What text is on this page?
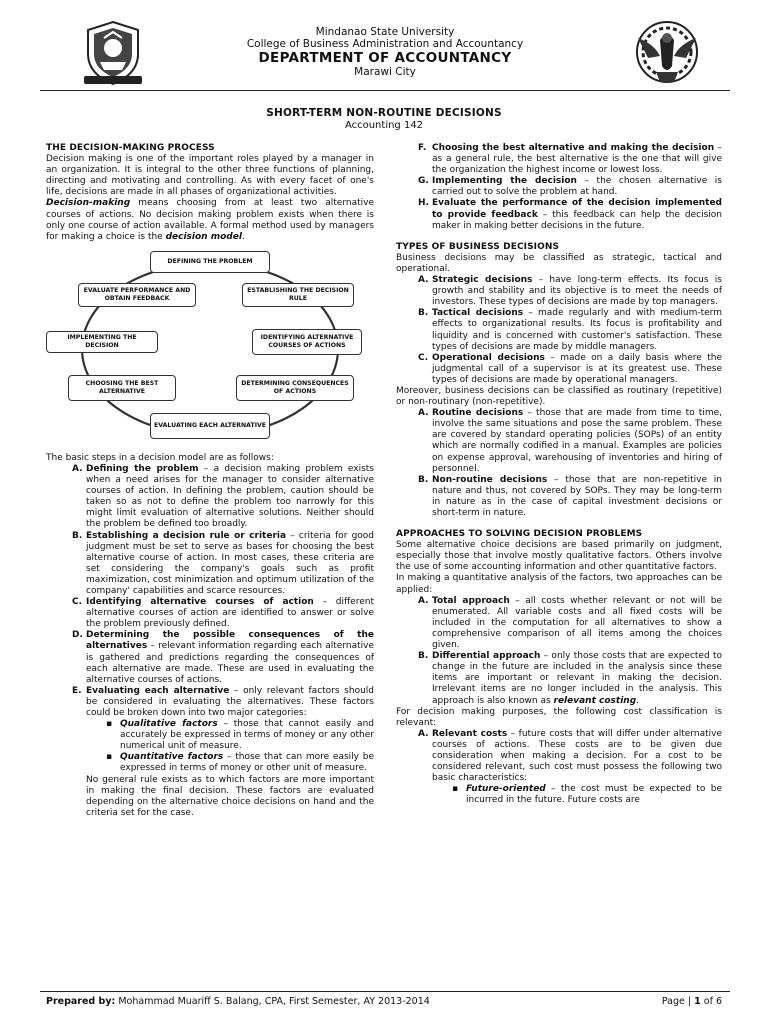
Mindanao State University
College of Business Administration and Accountancy
DEPARTMENT OF ACCOUNTANCY
Marawi City
SHORT-TERM NON-ROUTINE DECISIONS
Accounting 142

THE DECISION-MAKING PROCESS

Decision making is one of the important roles played by a manager in an organization. It is integral to the other three functions of planning, directing and motivating and controlling. As with every facet of one's life, decisions are made in all phases of organizational activities.

Decision-making means choosing from at least two alternative courses of actions. No decision making problem exists when there is only one course of action available. A formal method used by managers for making a choice is the decision model.

DEFINING THE PROBLEM
ESTABLISHING THE DECISION RULE
IDENTIFYING ALTERNATIVE COURSES OF ACTIONS
DETERMINING CONSEQUENCES OF ACTIONS
EVALUATING EACH ALTERNATIVE
CHOOSING THE BEST ALTERNATIVE
IMPLEMENTING THE DECISION
EVALUATE PERFORMANCE AND OBTAIN FEEDBACK

The basic steps in a decision model are as follows:

A. Defining the problem – a decision making problem exists when a need arises for the manager to consider alternative courses of action. In defining the problem, caution should be taken so as not to define the problem too narrowly for this might limit evaluation of alternative solutions. Neither should the problem be defined too broadly.
B. Establishing a decision rule or criteria – criteria for good judgment must be set to serve as bases for choosing the best alternative course of action. In most cases, these criteria are set considering the company's goals such as profit maximization, cost minimization and optimum utilization of the company' capabilities and scarce resources.
C. Identifying alternative courses of action – different alternative courses of action are identified to answer or solve the problem previously defined.
D. Determining the possible consequences of the alternatives – relevant information regarding each alternative is gathered and predictions regarding the consequences of each alternative are made. These are used in evaluating the alternative courses of actions.
E. Evaluating each alternative – only relevant factors should be considered in evaluating the alternatives. These factors could be broken down into two major categories:
▪ Qualitative factors – those that cannot easily and accurately be expressed in terms of money or any other numerical unit of measure.
▪ Quantitative factors – those that can more easily be expressed in terms of money or other unit of measure.

No general rule exists as to which factors are more important in making the final decision. These factors are evaluated depending on the alternative choice decisions on hand and the criteria set for the case.

F. Choosing the best alternative and making the decision – as a general rule, the best alternative is the one that will give the organization the highest income or lowest loss.
G. Implementing the decision – the chosen alternative is carried out to solve the problem at hand.
H. Evaluate the performance of the decision implemented to provide feedback – this feedback can help the decision maker in making better decisions in the future.

TYPES OF BUSINESS DECISIONS

Business decisions may be classified as strategic, tactical and operational.

A. Strategic decisions – have long-term effects. Its focus is growth and stability and its objective is to meet the needs of investors. These types of decisions are made by top managers.
B. Tactical decisions – made regularly and with medium-term effects to organizational results. Its focus is profitability and liquidity and is concerned with customer's satisfaction. These types of decisions are made by middle managers.
C. Operational decisions – made on a daily basis where the judgmental call of a supervisor is at its greatest use. These types of decisions are made by operational managers.

Moreover, business decisions can be classified as routinary (repetitive) or non-routinary (non-repetitive).

A. Routine decisions – those that are made from time to time, involve the same situations and pose the same problem. These are covered by standard operating policies (SOPs) of an entity which are normally codified in a manual. Examples are policies on expense approval, warehousing of inventories and hiring of personnel.
B. Non-routine decisions – those that are non-repetitive in nature and thus, not covered by SOPs. They may be long-term in nature as in the case of capital investment decisions or short-term in nature.

APPROACHES TO SOLVING DECISION PROBLEMS

Some alternative choice decisions are based primarily on judgment, especially those that involve mostly qualitative factors. Others involve the use of some accounting information and other quantitative factors.

In making a quantitative analysis of the factors, two approaches can be applied:

A. Total approach – all costs whether relevant or not will be enumerated. All variable costs and all fixed costs will be included in the computation for all alternatives to show a comprehensive comparison of all items among the choices given.
B. Differential approach – only those costs that are expected to change in the future are included in the analysis since these items are important or relevant in making the decision. Irrelevant items are no longer included in the analysis. This approach is also known as relevant costing.

For decision making purposes, the following cost classification is relevant:

A. Relevant costs – future costs that will differ under alternative courses of actions. These costs are to be given due consideration when making a decision. For a cost to be considered relevant, such cost must possess the following two basic characteristics:
▪ Future-oriented – the cost must be expected to be incurred in the future. Future costs are
Prepared by: Mohammad Muariff S. Balang, CPA, First Semester, AY 2013-2014	Page | 1 of 6
